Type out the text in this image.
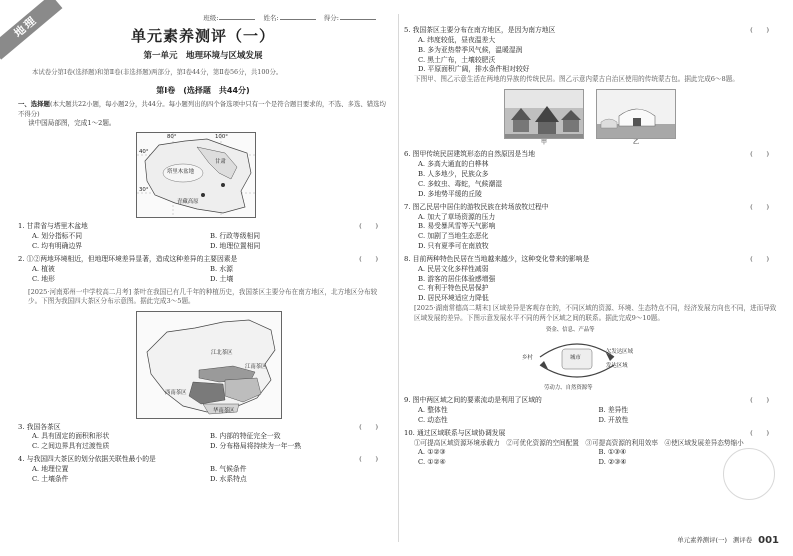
地理	班级:	姓名:	得分:
单元素养测评（一）
第一单元　地理环境与区域发展
本试卷分第Ⅰ卷(选择题)和第Ⅱ卷(非选择题)两部分，第Ⅰ卷44分，第Ⅱ卷56分，共100分。
第Ⅰ卷　(选择题　共44分)
一、选择题(本大题共22小题，每小题2分，共44分。每小题列出的四个备选项中只有一个是符合题目要求的，不选、多选、错选均不得分)
读中国局部图，完成1～2题。
40°
30°
80°	100°
甘肃
塔里木盆地
青藏高原
1. 甘肃省与塔里木盆地	(　　)
A. 划分指标不同	B. 行政等级相同
C. 均有明确边界	D. 地理位置相同
2. ①②两地环境相近，但地理环境差异显著，造成这种差异的主要因素是	(　　)
A. 植被	B. 水源
C. 地形	D. 土壤
[2025·河南郑州一中学校高二月考] 茶叶在我国已有几千年的种植历史，我国茶区主要分布在南方地区，北方地区分布较少。下图为我国四大茶区分布示意图。据此完成3～5题。
江北茶区
江南茶区
西南茶区
华南茶区
3. 我国各茶区	(　　)
A. 具有固定的面积和形状	B. 内部的特征完全一致
C. 之间边界具有过渡性质	D. 分布格局将持续为一年一熟
4. 与我国四大茶区的划分依据关联性最小的是	(　　)
A. 地理位置	B. 气候条件
C. 土壤条件	D. 水系特点
5. 我国茶区主要分布在南方地区，是因为南方地区	(　　)
A. 纬度较低，昼夜温差大
B. 多为亚热带季风气候，温暖湿润
C. 黑土广布，土壤较肥沃
D. 平原面积广阔，排水条件相对较好
下图甲、图乙示意生活在两地的异族的传统民居。图乙示意内蒙古自治区使用的传统蒙古包。据此完成6～8题。
甲	乙
6. 图甲传统民居建筑形态的自然原因是当地	(　　)
A. 多高大通直的白桦林
B. 人多地少，民族众多
C. 多蚊虫、毒蛇，气候潮湿
D. 多地势平缓的丘陵
7. 图乙民居中居住的游牧民族在转场放牧过程中	(　　)
A. 加大了草场资源的压力
B. 易受暴风雪等天气影响
C. 加剧了当地生态恶化
D. 只有夏季可在南放牧
8. 目前两种特色民居在当地越来越少，这种变化带来的影响是	(　　)
A. 民居文化多样性减弱
B. 游客的居住体验感增强
C. 有利于特色民居保护
D. 居民环境适应力降低
[2025·湖南常德高二期末] 区域差异是客观存在的，不同区域的资源、环境、生态特点不同，经济发展方向也不同，进而导致区域发展的差异。下图示意发展水平不同的两个区域之间的联系。据此完成9～10题。
资金、信息、产品等
乡村	城市
欠发达区域
发达区域
劳动力、自然资源等
9. 图中两区域之间的要素流动是利用了区域的	(　　)
A. 整体性	B. 差异性
C. 动态性	D. 开放性
10. 通过区域联系与区域协调发展	(　　)
①可提高区域资源环境承载力　②可优化资源的空间配置　③可提高资源的利用效率　④使区域发展差异态势缩小
A. ①②③	B. ①③④
C. ①②④	D. ②③④
单元素养测评(一) 测评卷 001
